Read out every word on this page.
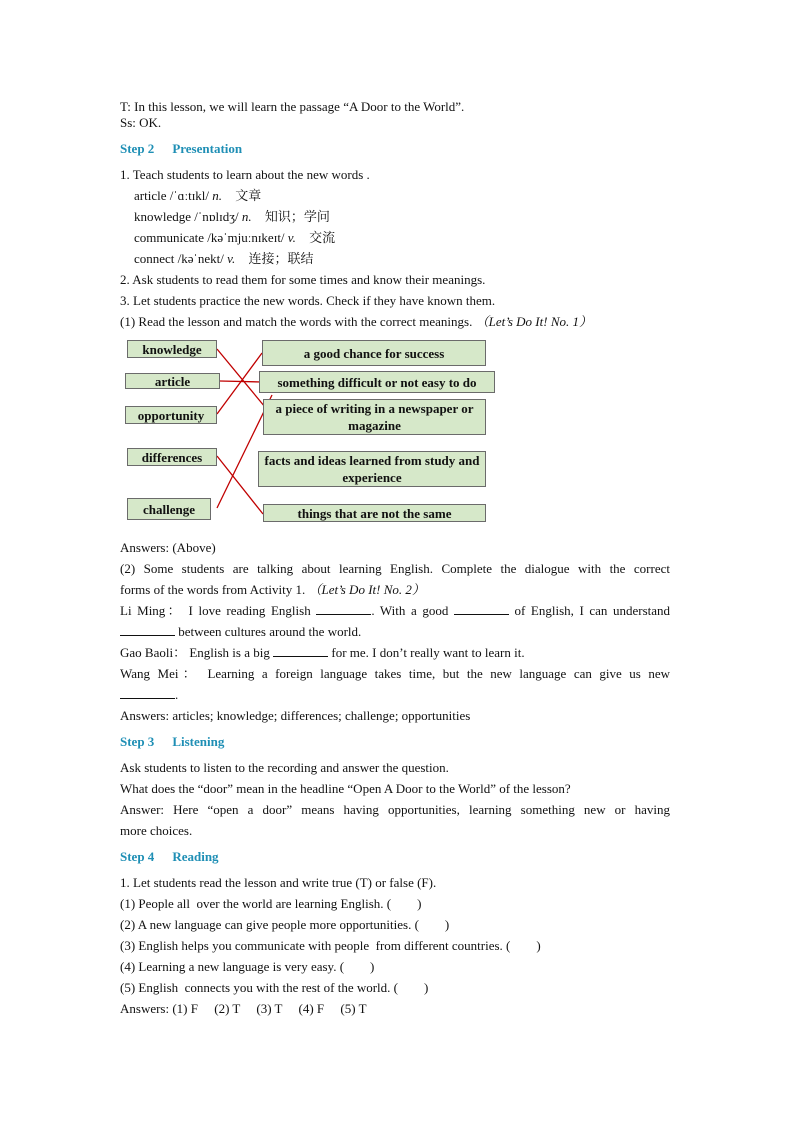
T: In this lesson, we will learn the passage “A Door to the World”.
Ss: OK.
Step 2 Presentation
1. Teach students to learn about the new words .
article /ˈɑːtɪkl/ n. 文章
knowledge /ˈnɒlɪdʒ/ n. 知识；学问
communicate /kəˈmjuːnɪkeɪt/ v. 交流
connect /kəˈnekt/ v. 连接；联结
2. Ask students to read them for some times and know their meanings.
3. Let students practice the new words. Check if they have known them.
(1) Read the lesson and match the words with the correct meanings. （Let’s Do It! No. 1）
knowledge
article
opportunity
differences
challenge
a good chance for success
something difficult or not easy to do
a piece of writing in a newspaper or magazine
facts and ideas learned from study and experience
things that are not the same
Answers: (Above)
(2) Some students are talking about learning English. Complete the dialogue with the correct
forms of the words from Activity 1. （Let’s Do It! No. 2）
Li Ming： I love reading English	. With a good	of English, I can understand
between cultures around the world.
Gao Baoli： English is a big	for me. I don’t really want to learn it.
Wang Mei： Learning a foreign language takes time, but the new language can give us new
.
Answers: articles; knowledge; differences; challenge; opportunities
Step 3 Listening
Ask students to listen to the recording and answer the question.
What does the “door” mean in the headline “Open A Door to the World” of the lesson?
Answer: Here “open a door” means having opportunities, learning something new or having
more choices.
Step 4 Reading
1. Let students read the lesson and write true (T) or false (F).
(1) People all  over the world are learning English. (        )
(2) A new language can give people more opportunities. (        )
(3) English helps you communicate with people  from different countries. (        )
(4) Learning a new language is very easy. (        )
(5) English  connects you with the rest of the world. (        )
Answers: (1) F     (2) T     (3) T     (4) F     (5) T
